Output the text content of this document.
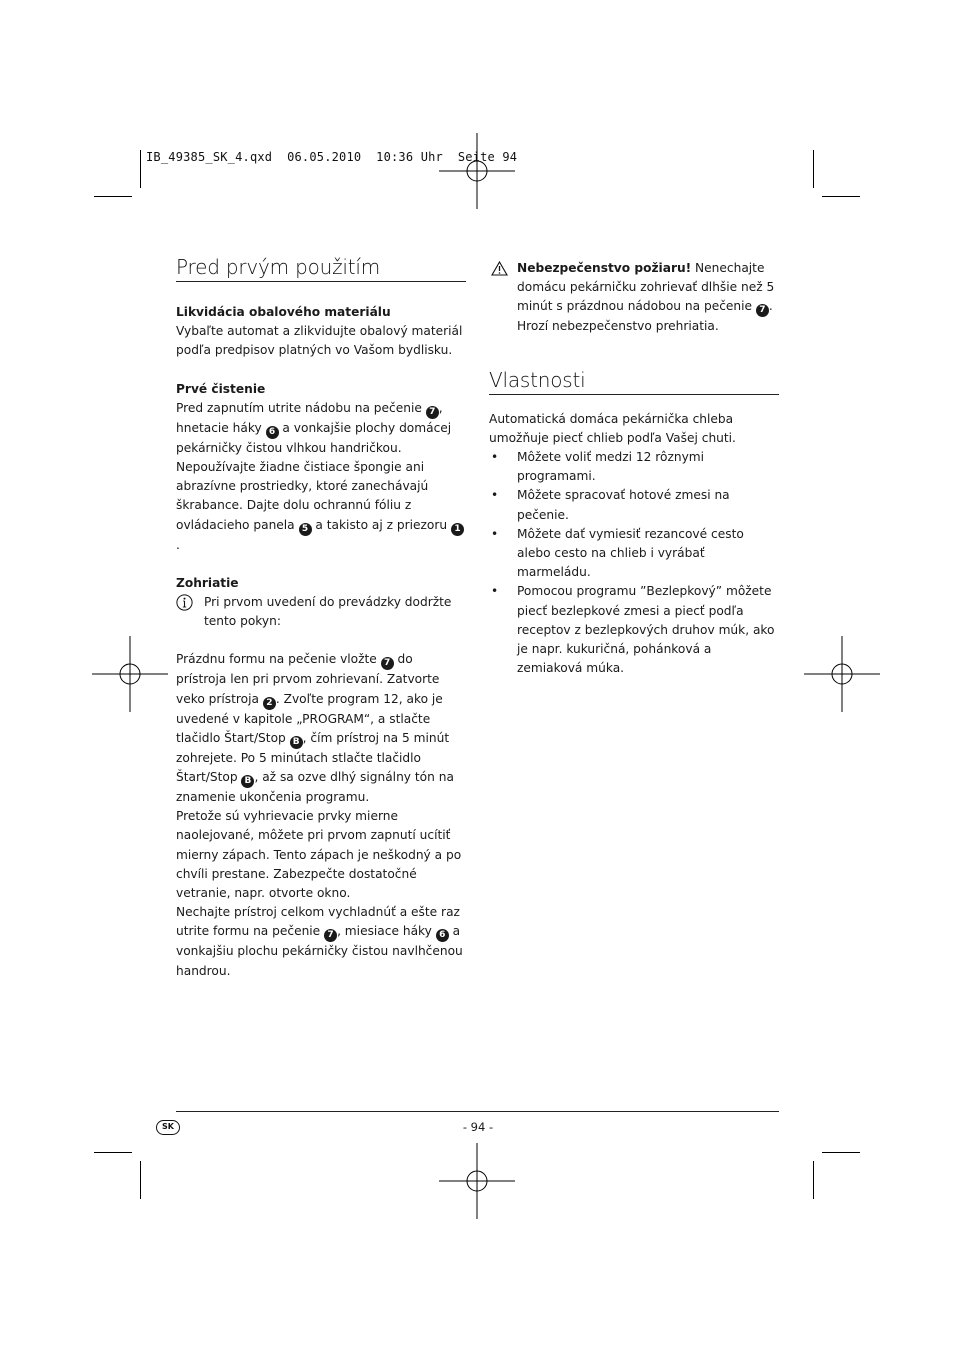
IB_49385_SK_4.qxd  06.05.2010  10:36 Uhr  Seite 94
Pred prvým použitím
Likvidácia obalového materiálu

Vybaľte automat a zlikvidujte obalový materiál podľa predpisov platných vo Vašom bydlisku.

Prvé čistenie

Pred zapnutím utrite nádobu na pečenie 7 , hnetacie háky 6 a vonkajšie plochy domácej pekárničky čistou vlhkou handričkou. Nepoužívajte žiadne čistiace špongie ani abrazívne prostriedky, ktoré zanechávajú škrabance. Dajte dolu ochrannú fóliu z ovládacieho panela 5 a takisto aj z priezoru 1.

Zohriatie

Pri prvom uvedení do prevádzky dodržte tento pokyn:

Prázdnu formu na pečenie vložte 7 do prístroja len pri prvom zohrievaní. Zatvorte veko prístroja 2 . Zvoľte program 12, ako je uvedené v kapitole „PROGRAM“, a stlačte tlačidlo Štart/Stop B , čím prístroj na 5 minút zohrejete. Po 5 minútach stlačte tlačidlo Štart/Stop B , až sa ozve dlhý signálny tón na znamenie ukončenia programu.

Pretože sú vyhrievacie prvky mierne naolejované, môžete pri prvom zapnutí ucítiť mierny zápach. Tento zápach je neškodný a po chvíli prestane. Zabezpečte dostatočné vetranie, napr. otvorte okno.

Nechajte prístroj celkom vychladnúť a ešte raz utrite formu na pečenie 7 , miesiace háky 6 a vonkajšiu plochu pekárničky čistou navlhčenou handrou.

Nebezpečenstvo požiaru! Nenechajte domácu pekárničku zohrievať dlhšie než 5 minút s prázdnou nádobou na pečenie 7 . Hrozí nebezpečenstvo prehriatia.

Vlastnosti

Automatická domáca pekárnička chleba umožňuje piecť chlieb podľa Vašej chuti.

• Môžete voliť medzi 12 rôznymi programami.
• Môžete spracovať hotové zmesi na pečenie.
• Môžete dať vymiesiť rezancové cesto alebo cesto na chlieb i vyrábať marmeládu.
• Pomocou programu ”Bezlepkový” môžete piecť bezlepkové zmesi a piecť podľa receptov z bezlepkových druhov múk, ako je napr. kukuričná, pohánková a zemiaková múka.
SK	- 94 -
